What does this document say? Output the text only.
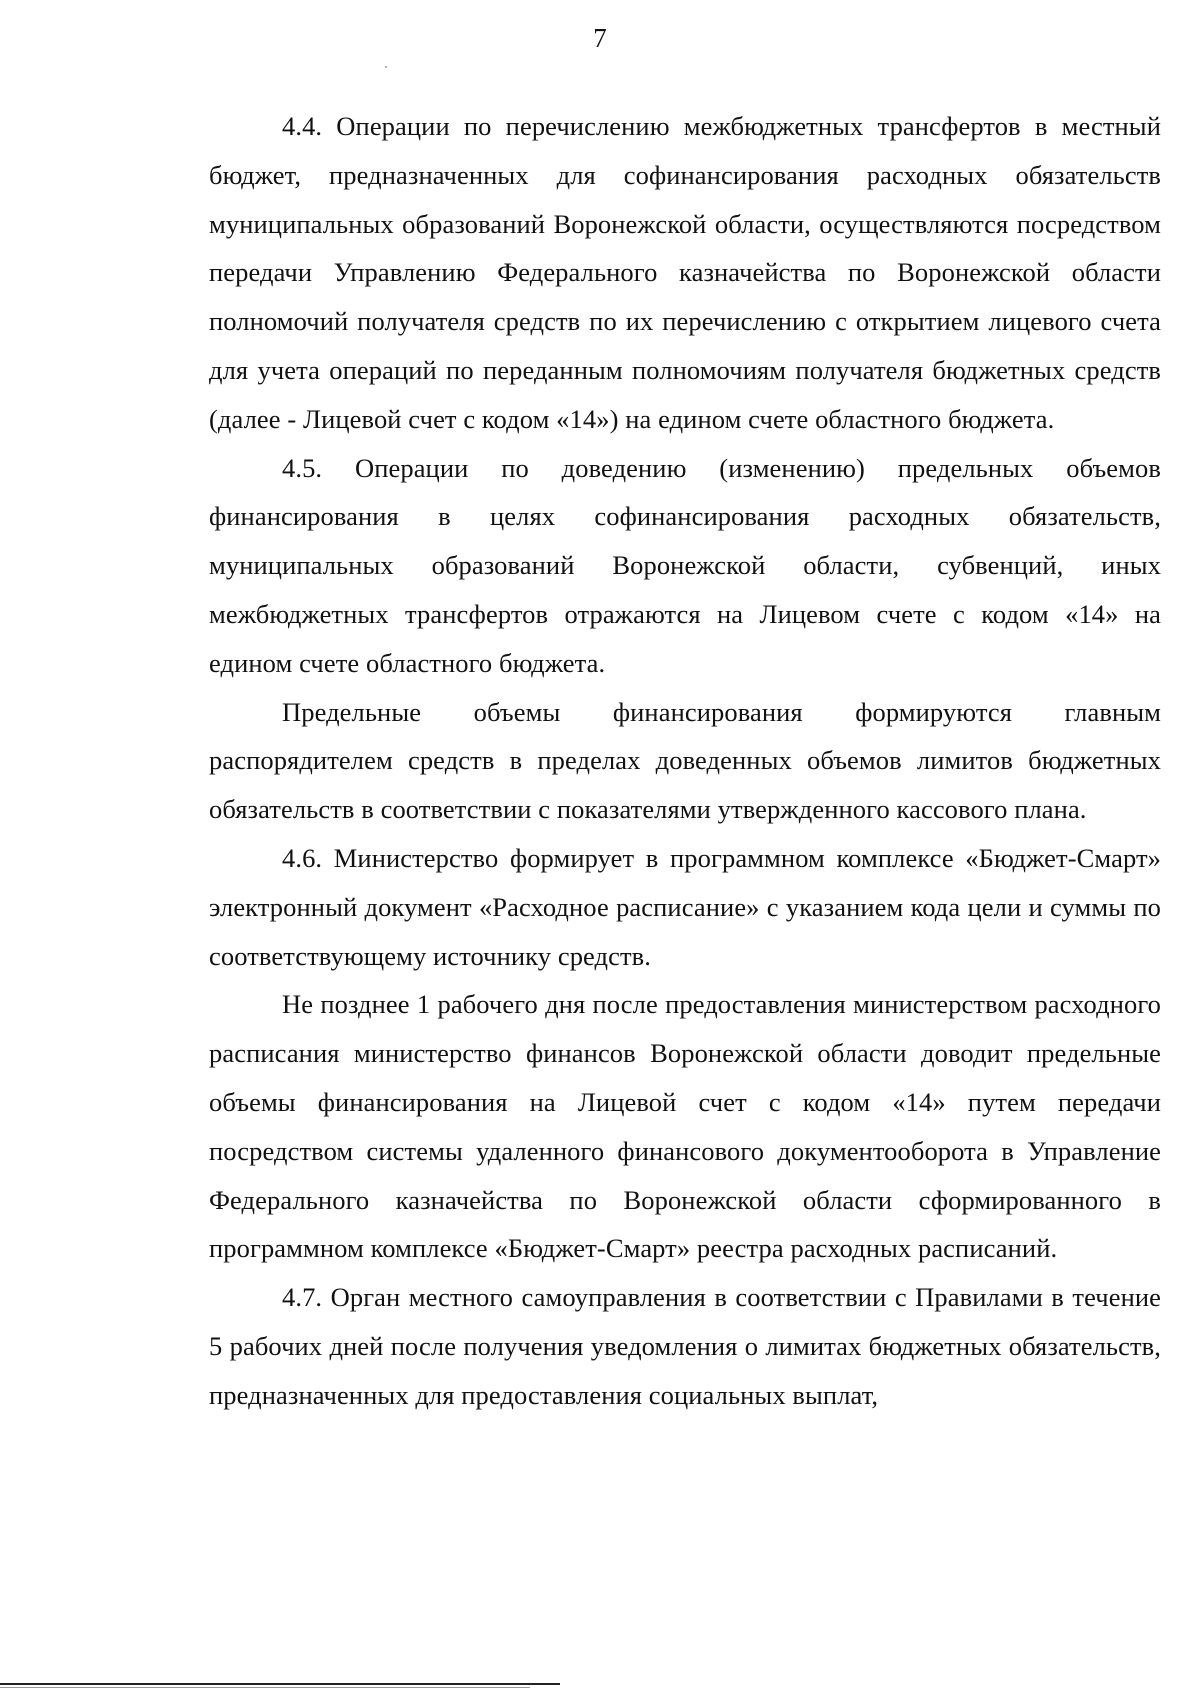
7

4.4. Операции по перечислению межбюджетных трансфертов в местный бюджет, предназначенных для софинансирования расходных обязательств муниципальных образований Воронежской области, осуществляются посредством передачи Управлению Федерального казначейства по Воронежской области полномочий получателя средств по их перечислению с открытием лицевого счета для учета операций по переданным полномочиям получателя бюджетных средств (далее - Лицевой счет с кодом «14») на едином счете областного бюджета.

4.5. Операции по доведению (изменению) предельных объемов финансирования в целях софинансирования расходных обязательств, муниципальных образований Воронежской области, субвенций, иных межбюджетных трансфертов отражаются на Лицевом счете с кодом «14» на едином счете областного бюджета.

Предельные объемы финансирования формируются главным распорядителем средств в пределах доведенных объемов лимитов бюджетных обязательств в соответствии с показателями утвержденного кассового плана.

4.6. Министерство формирует в программном комплексе «Бюджет-Смарт» электронный документ «Расходное расписание» с указанием кода цели и суммы по соответствующему источнику средств.

Не позднее 1 рабочего дня после предоставления министерством расходного расписания министерство финансов Воронежской области доводит предельные объемы финансирования на Лицевой счет с кодом «14» путем передачи посредством системы удаленного финансового документооборота в Управление Федерального казначейства по Воронежской области сформированного в программном комплексе «Бюджет-Смарт» реестра расходных расписаний.

4.7. Орган местного самоуправления в соответствии с Правилами в течение 5 рабочих дней после получения уведомления о лимитах бюджетных обязательств, предназначенных для предоставления социальных выплат,
